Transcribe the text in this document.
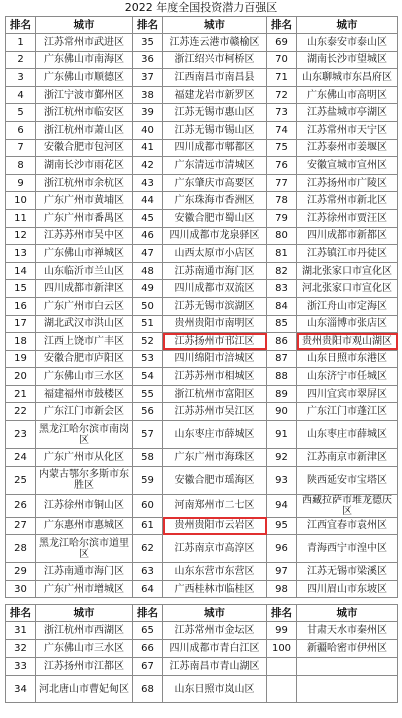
2022 年度全国投资潜力百强区
排名	城市	排名	城市	排名	城市
1	江苏常州市武进区	35	江苏连云港市赣榆区	69	山东泰安市泰山区
2	广东佛山市南海区	36	浙江绍兴市柯桥区	70	湖南长沙市望城区
3	广东佛山市顺德区	37	江西南昌市南昌县	71	山东聊城市东昌府区
4	浙江宁波市鄞州区	38	福建龙岩市新罗区	72	广东佛山市高明区
5	浙江杭州市临安区	39	江苏无锡市惠山区	73	江苏盐城市亭湖区
6	浙江杭州市萧山区	40	江苏无锡市锡山区	74	江苏常州市天宁区
7	安徽合肥市包河区	41	四川成都市郫都区	75	江苏泰州市姜堰区
8	湖南长沙市雨花区	42	广东清远市清城区	76	安徽宣城市宣州区
9	浙江杭州市余杭区	43	广东肇庆市高要区	77	江苏扬州市广陵区
10	广东广州市黄埔区	44	广东珠海市香洲区	78	江苏常州市新北区
11	广东广州市番禺区	45	安徽合肥市蜀山区	79	江苏徐州市贾汪区
12	江苏苏州市吴中区	46	四川成都市龙泉驿区	80	四川成都市新都区
13	广东佛山市禅城区	47	山西太原市小店区	81	江苏镇江市丹徒区
14	山东临沂市兰山区	48	江苏南通市海门区	82	湖北张家口市宣化区
15	四川成都市新津区	49	四川成都市双流区	83	河北张家口市宣化区
16	广东广州市白云区	50	江苏无锡市滨湖区	84	浙江舟山市定海区
17	湖北武汉市洪山区	51	贵州贵阳市南明区	85	山东淄博市张店区
18	江西上饶市广丰区	52	江苏扬州市邗江区	86	贵州贵阳市观山湖区
19	安徽合肥市庐阳区	53	四川绵阳市涪城区	87	山东日照市东港区
20	广东佛山市三水区	54	江苏苏州市相城区	88	山东济宁市任城区
21	福建福州市鼓楼区	55	浙江杭州市富阳区	89	四川宜宾市翠屏区
22	广东江门市新会区	56	江苏苏州市吴江区	90	广东江门市蓬江区
23	黑龙江哈尔滨市南岗区	57	山东枣庄市薛城区	91	山东枣庄市薛城区
24	广东广州市从化区	58	广东广州市海珠区	92	江苏南京市新津区
25	内蒙古鄂尔多斯市东胜区	59	安徽合肥市瑶海区	93	陕西延安市宝塔区
26	江苏徐州市铜山区	60	河南郑州市二七区	94	西藏拉萨市堆龙德庆区
27	广东惠州市惠城区	61	贵州贵阳市云岩区	95	江西宜春市袁州区
28	黑龙江哈尔滨市道里区	62	江苏南京市高淳区	96	青海西宁市湟中区
29	江苏南通市海门区	63	山东东营市东营区	97	江苏无锡市梁溪区
30	广东广州市增城区	64	广西桂林市临桂区	98	四川眉山市东坡区
排名	城市	排名	城市	排名	城市
31	浙江杭州市西湖区	65	江苏常州市金坛区	99	甘肃天水市秦州区
32	广东佛山市三水区	66	四川成都市青白江区	100	新疆哈密市伊州区
33	江苏扬州市江都区	67	江苏南昌市青山湖区		
34	河北唐山市曹妃甸区	68	山东日照市岚山区		
